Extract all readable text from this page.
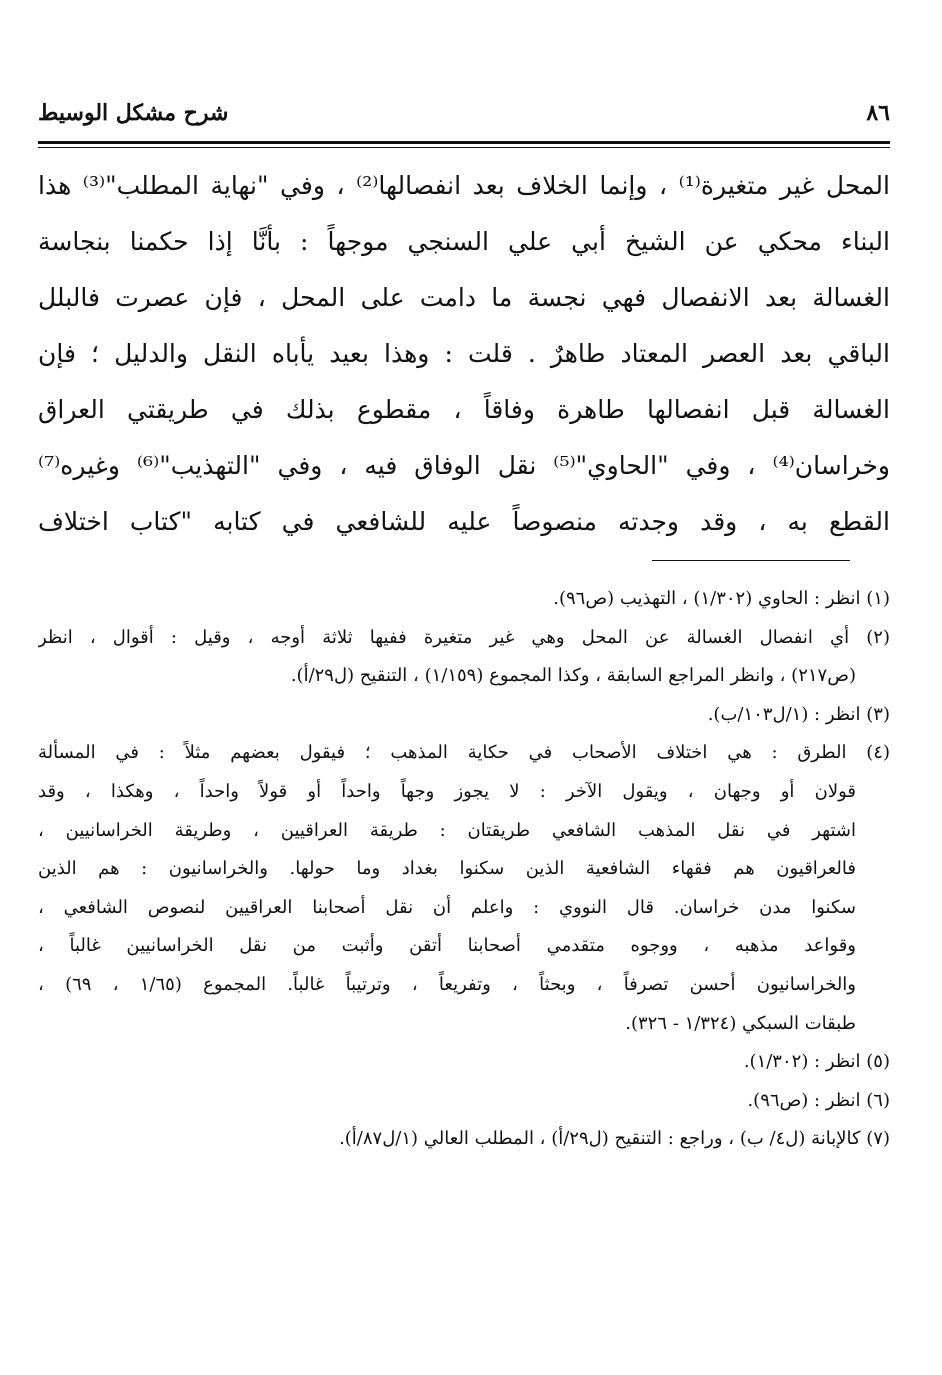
٨٦
شرح مشكل الوسيط
المحل غير متغيرة⁽¹⁾ ، وإنما الخلاف بعد انفصالها⁽²⁾ ، وفي "نهاية المطلب"⁽³⁾ هذا
البناء محكي عن الشيخ أبي علي السنجي موجهاً : بأنَّا إذا حكمنا بنجاسة
الغسالة بعد الانفصال فهي نجسة ما دامت على المحل ، فإن عصرت فالبلل
الباقي بعد العصر المعتاد طاهرٌ . قلت : وهذا بعيد يأباه النقل والدليل ؛ فإن
الغسالة قبل انفصالها طاهرة وفاقاً ، مقطوع بذلك في طريقتي العراق
وخراسان⁽⁴⁾ ، وفي "الحاوي"⁽⁵⁾ نقل الوفاق فيه ، وفي "التهذيب"⁽⁶⁾ وغيره⁽⁷⁾
القطع به ، وقد وجدته منصوصاً عليه للشافعي في كتابه "كتاب اختلاف
(١) انظر : الحاوي (١/٣٠٢) ، التهذيب (ص٩٦).
(٢) أي انفصال الغسالة عن المحل وهي غير متغيرة ففيها ثلاثة أوجه ، وقيل : أقوال ، انظر
(ص٢١٧) ، وانظر المراجع السابقة ، وكذا المجموع (١/١٥٩) ، التنقيح (ل٢٩/أ).
(٣) انظر : (١/ل١٠٣/ب).
(٤) الطرق : هي اختلاف الأصحاب في حكاية المذهب ؛ فيقول بعضهم مثلاً : في المسألة
قولان أو وجهان ، ويقول الآخر : لا يجوز وجهاً واحداً أو قولاً واحداً ، وهكذا ، وقد
اشتهر في نقل المذهب الشافعي طريقتان : طريقة العراقيين ، وطريقة الخراسانيين ،
فالعراقيون هم فقهاء الشافعية الذين سكنوا بغداد وما حولها. والخراسانيون : هم الذين
سكنوا مدن خراسان. قال النووي : واعلم أن نقل أصحابنا العراقيين لنصوص الشافعي ،
وقواعد مذهبه ، ووجوه متقدمي أصحابنا أتقن وأثبت من نقل الخراسانيين غالباً ،
والخراسانيون أحسن تصرفاً ، وبحثاً ، وتفريعاً ، وترتيباً غالباً. المجموع (١/٦٥ ، ٦٩) ،
طبقات السبكي (١/٣٢٤ - ٣٢٦).
(٥) انظر : (١/٣٠٢).
(٦) انظر : (ص٩٦).
(٧) كالإبانة (ل٤/ ب) ، وراجع : التنقيح (ل٢٩/أ) ، المطلب العالي (١/ل٨٧/أ).
